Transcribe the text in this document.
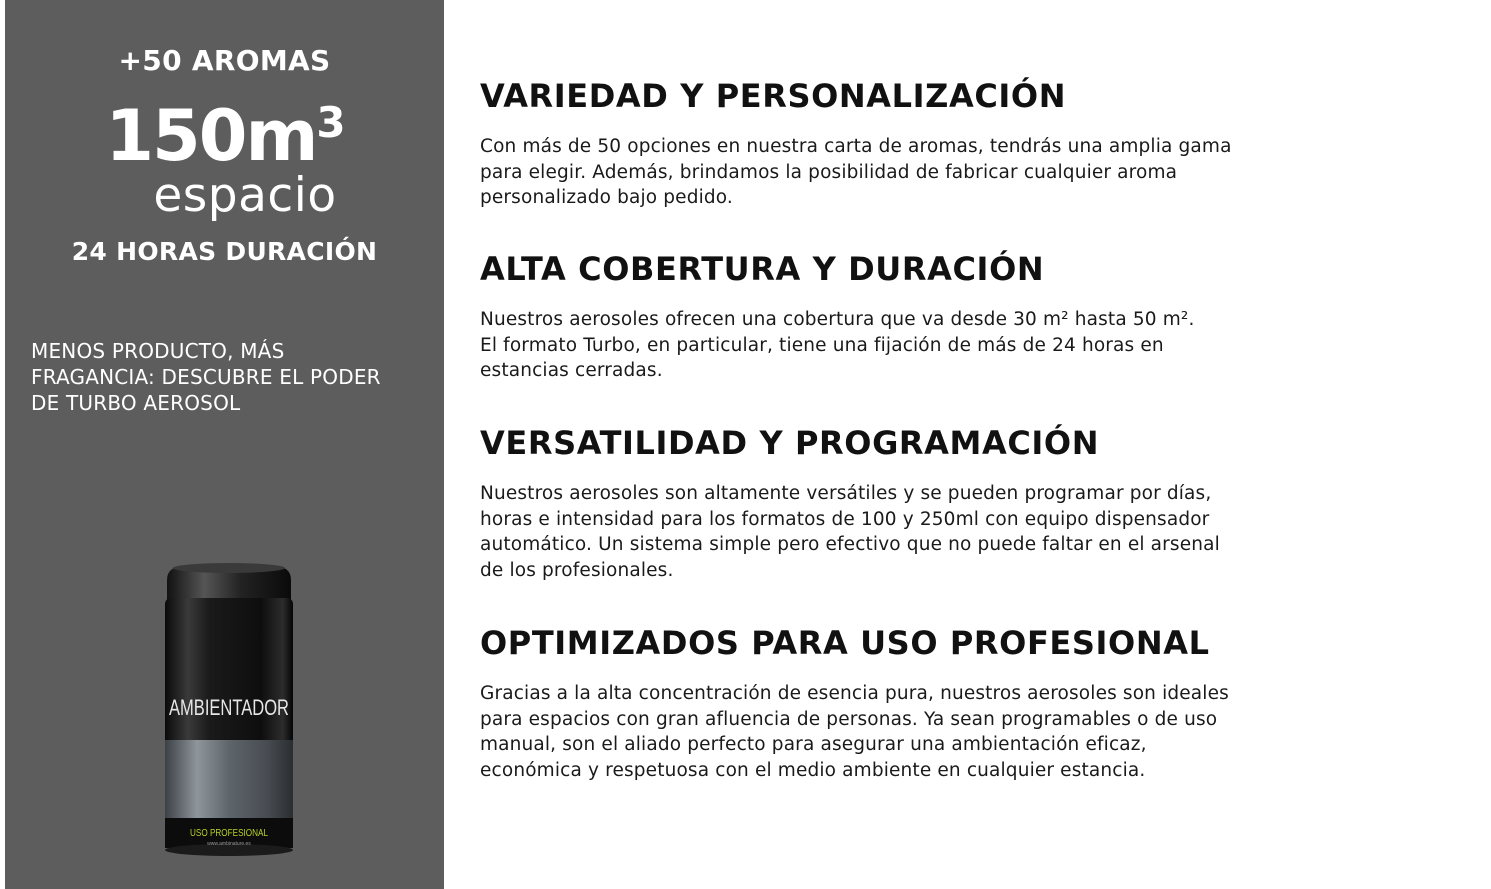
+50 AROMAS
$150m^3$
espacio
24 HORAS DURACIÓN
MENOS PRODUCTO, MÁS
FRAGANCIA: DESCUBRE EL PODER
DE TURBO AEROSOL
AMBIENTADOR
USO PROFESIONAL
www.ambinature.es
VARIEDAD Y PERSONALIZACIÓN

Con más de 50 opciones en nuestra carta de aromas, tendrás una amplia gama
para elegir. Además, brindamos la posibilidad de fabricar cualquier aroma
personalizado bajo pedido.

ALTA COBERTURA Y DURACIÓN

Nuestros aerosoles ofrecen una cobertura que va desde 30 m² hasta 50 m².
El formato Turbo, en particular, tiene una fijación de más de 24 horas en
estancias cerradas.

VERSATILIDAD Y PROGRAMACIÓN

Nuestros aerosoles son altamente versátiles y se pueden programar por días,
horas e intensidad para los formatos de 100 y 250ml con equipo dispensador
automático. Un sistema simple pero efectivo que no puede faltar en el arsenal
de los profesionales.

OPTIMIZADOS PARA USO PROFESIONAL

Gracias a la alta concentración de esencia pura, nuestros aerosoles son ideales
para espacios con gran afluencia de personas. Ya sean programables o de uso
manual, son el aliado perfecto para asegurar una ambientación eficaz,
económica y respetuosa con el medio ambiente en cualquier estancia.
